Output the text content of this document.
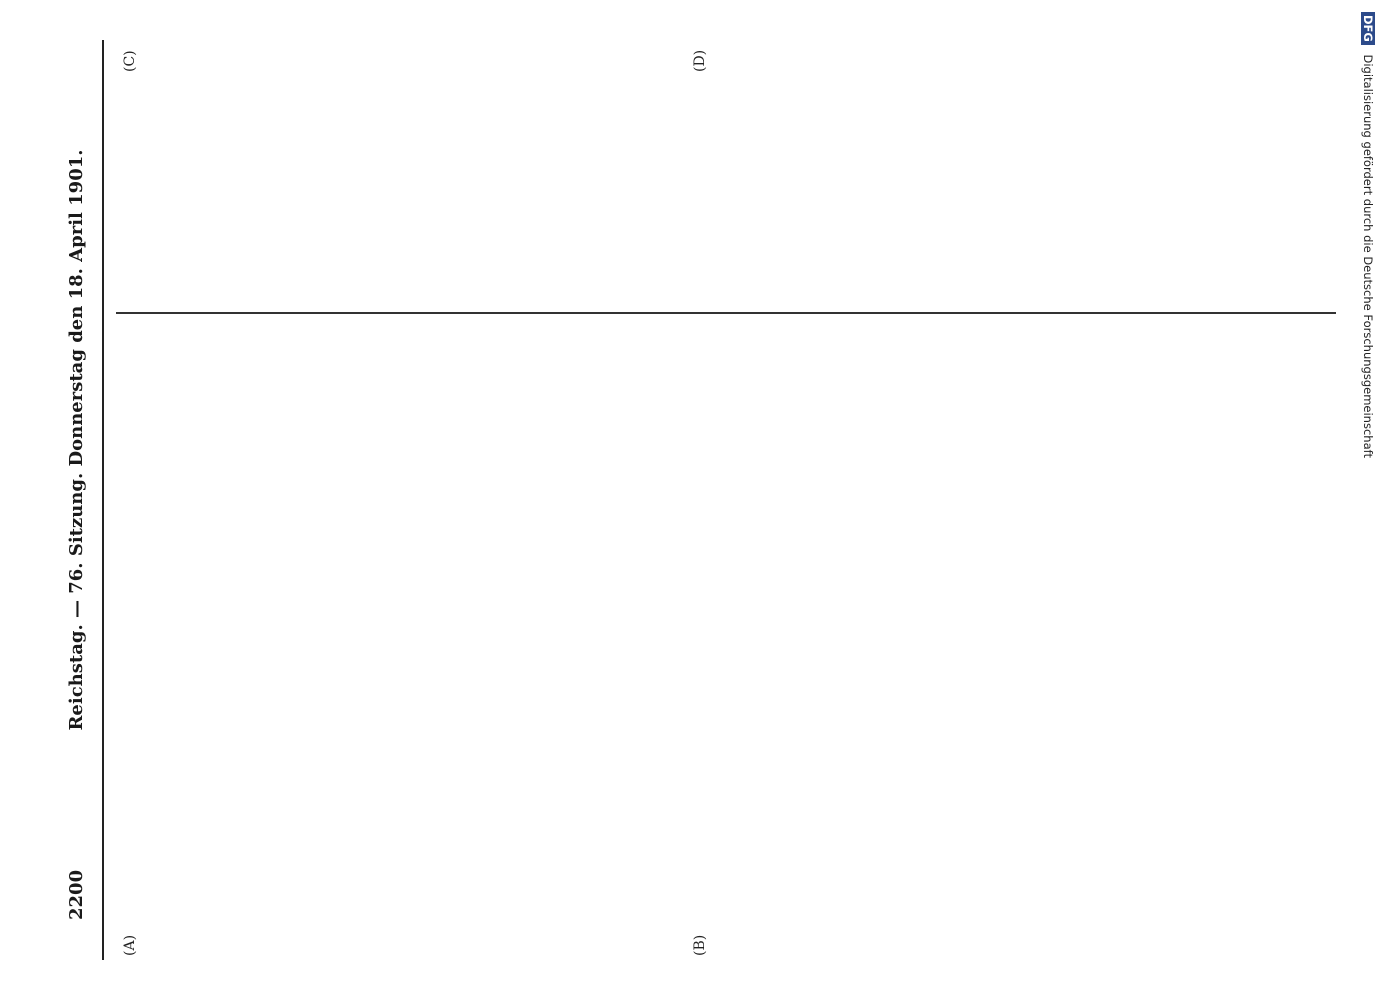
2200
Reichstag. — 76. Sitzung. Donnerstag den 18. April 1901.
(A)	(B)
(C)	(D)
DFG Digitalisierung gefördert durch die Deutsche Forschungsgemeinschaft
